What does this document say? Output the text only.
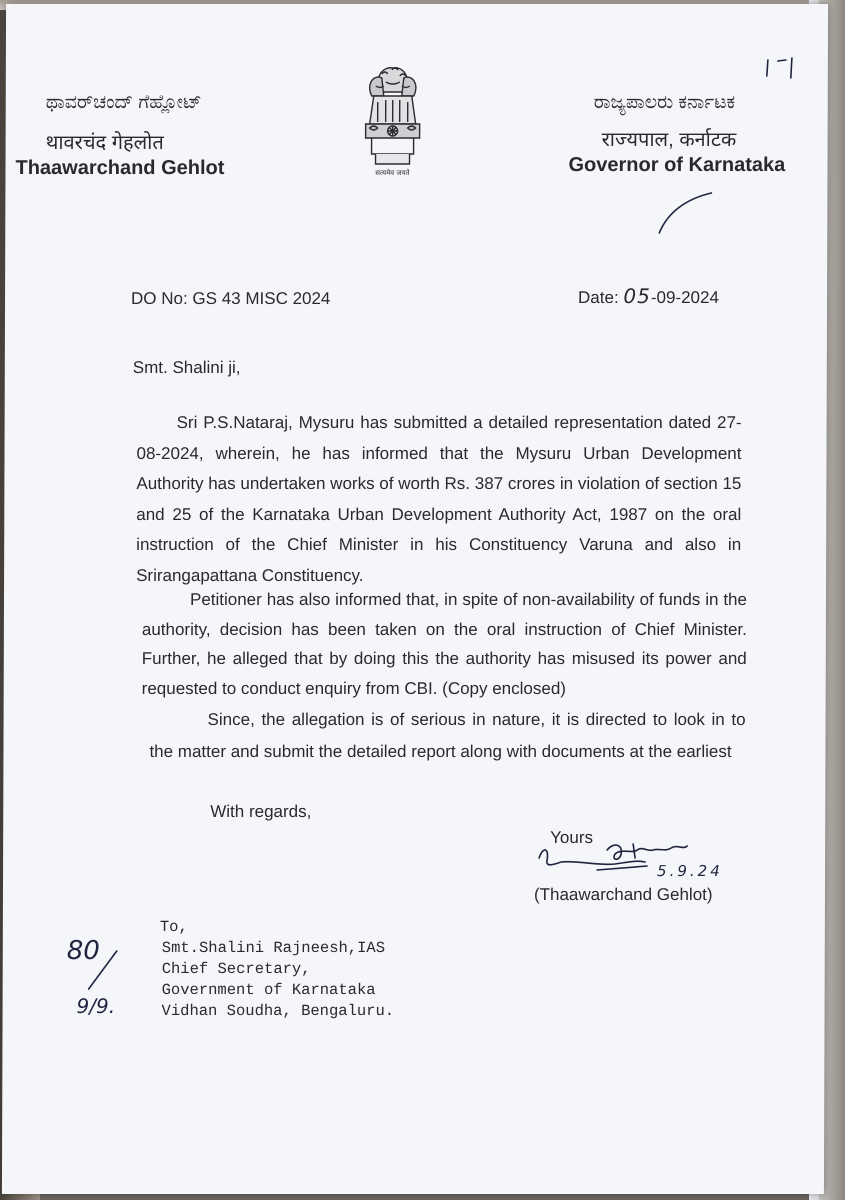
ಥಾವರ್‌ಚಂದ್ ಗೆಹ್ಲೋಟ್
थावरचंद गेहलोत
Thaawarchand Gehlot	सत्यमेव जयते
ರಾಜ್ಯಪಾಲರು ಕರ್ನಾಟಕ
राज्यपाल, कर्नाटक
Governor of Karnataka
DO No: GS 43 MISC 2024	Date: 05-09-2024
Smt. Shalini ji,
Sri P.S.Nataraj, Mysuru has submitted a detailed representation dated 27-08-2024, wherein, he has informed that the Mysuru Urban Development Authority has undertaken works of worth Rs. 387 crores in violation of section 15 and 25 of the Karnataka Urban Development Authority Act, 1987 on the oral instruction of the Chief Minister in his Constituency Varuna and also in Srirangapattana Constituency.
Petitioner has also informed that, in spite of non-availability of funds in the authority, decision has been taken on the oral instruction of Chief Minister. Further, he alleged that by doing this the authority has misused its power and requested to conduct enquiry from CBI. (Copy enclosed)
Since, the allegation is of serious in nature, it is directed to look in to the matter and submit the detailed report along with documents at the earliest
With regards,
Yours
5.9.24
(Thaawarchand Gehlot)
To,
Smt.Shalini Rajneesh,IAS
Chief Secretary,
Government of Karnataka
Vidhan Soudha, Bengaluru.
80
9/9.
